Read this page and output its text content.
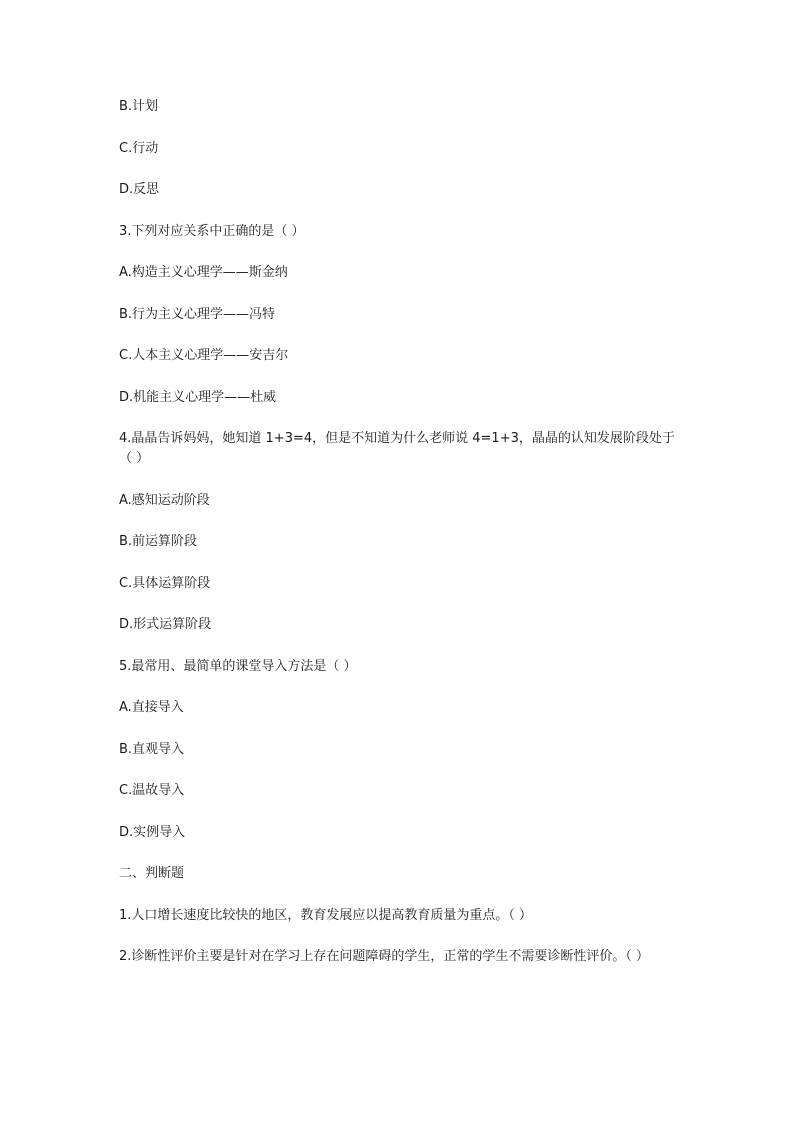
B.计划

C.行动

D.反思

3.下列对应关系中正确的是（ ）

A.构造主义心理学——斯金纳

B.行为主义心理学——冯特

C.人本主义心理学——安吉尔

D.机能主义心理学——杜威

4.晶晶告诉妈妈，她知道 1+3=4，但是不知道为什么老师说 4=1+3，晶晶的认知发展阶段处于（ ）

A.感知运动阶段

B.前运算阶段

C.具体运算阶段

D.形式运算阶段

5.最常用、最简单的课堂导入方法是（ ）

A.直接导入

B.直观导入

C.温故导入

D.实例导入

二、判断题

1.人口增长速度比较快的地区，教育发展应以提高教育质量为重点。（ ）

2.诊断性评价主要是针对在学习上存在问题障碍的学生，正常的学生不需要诊断性评价。（ ）
